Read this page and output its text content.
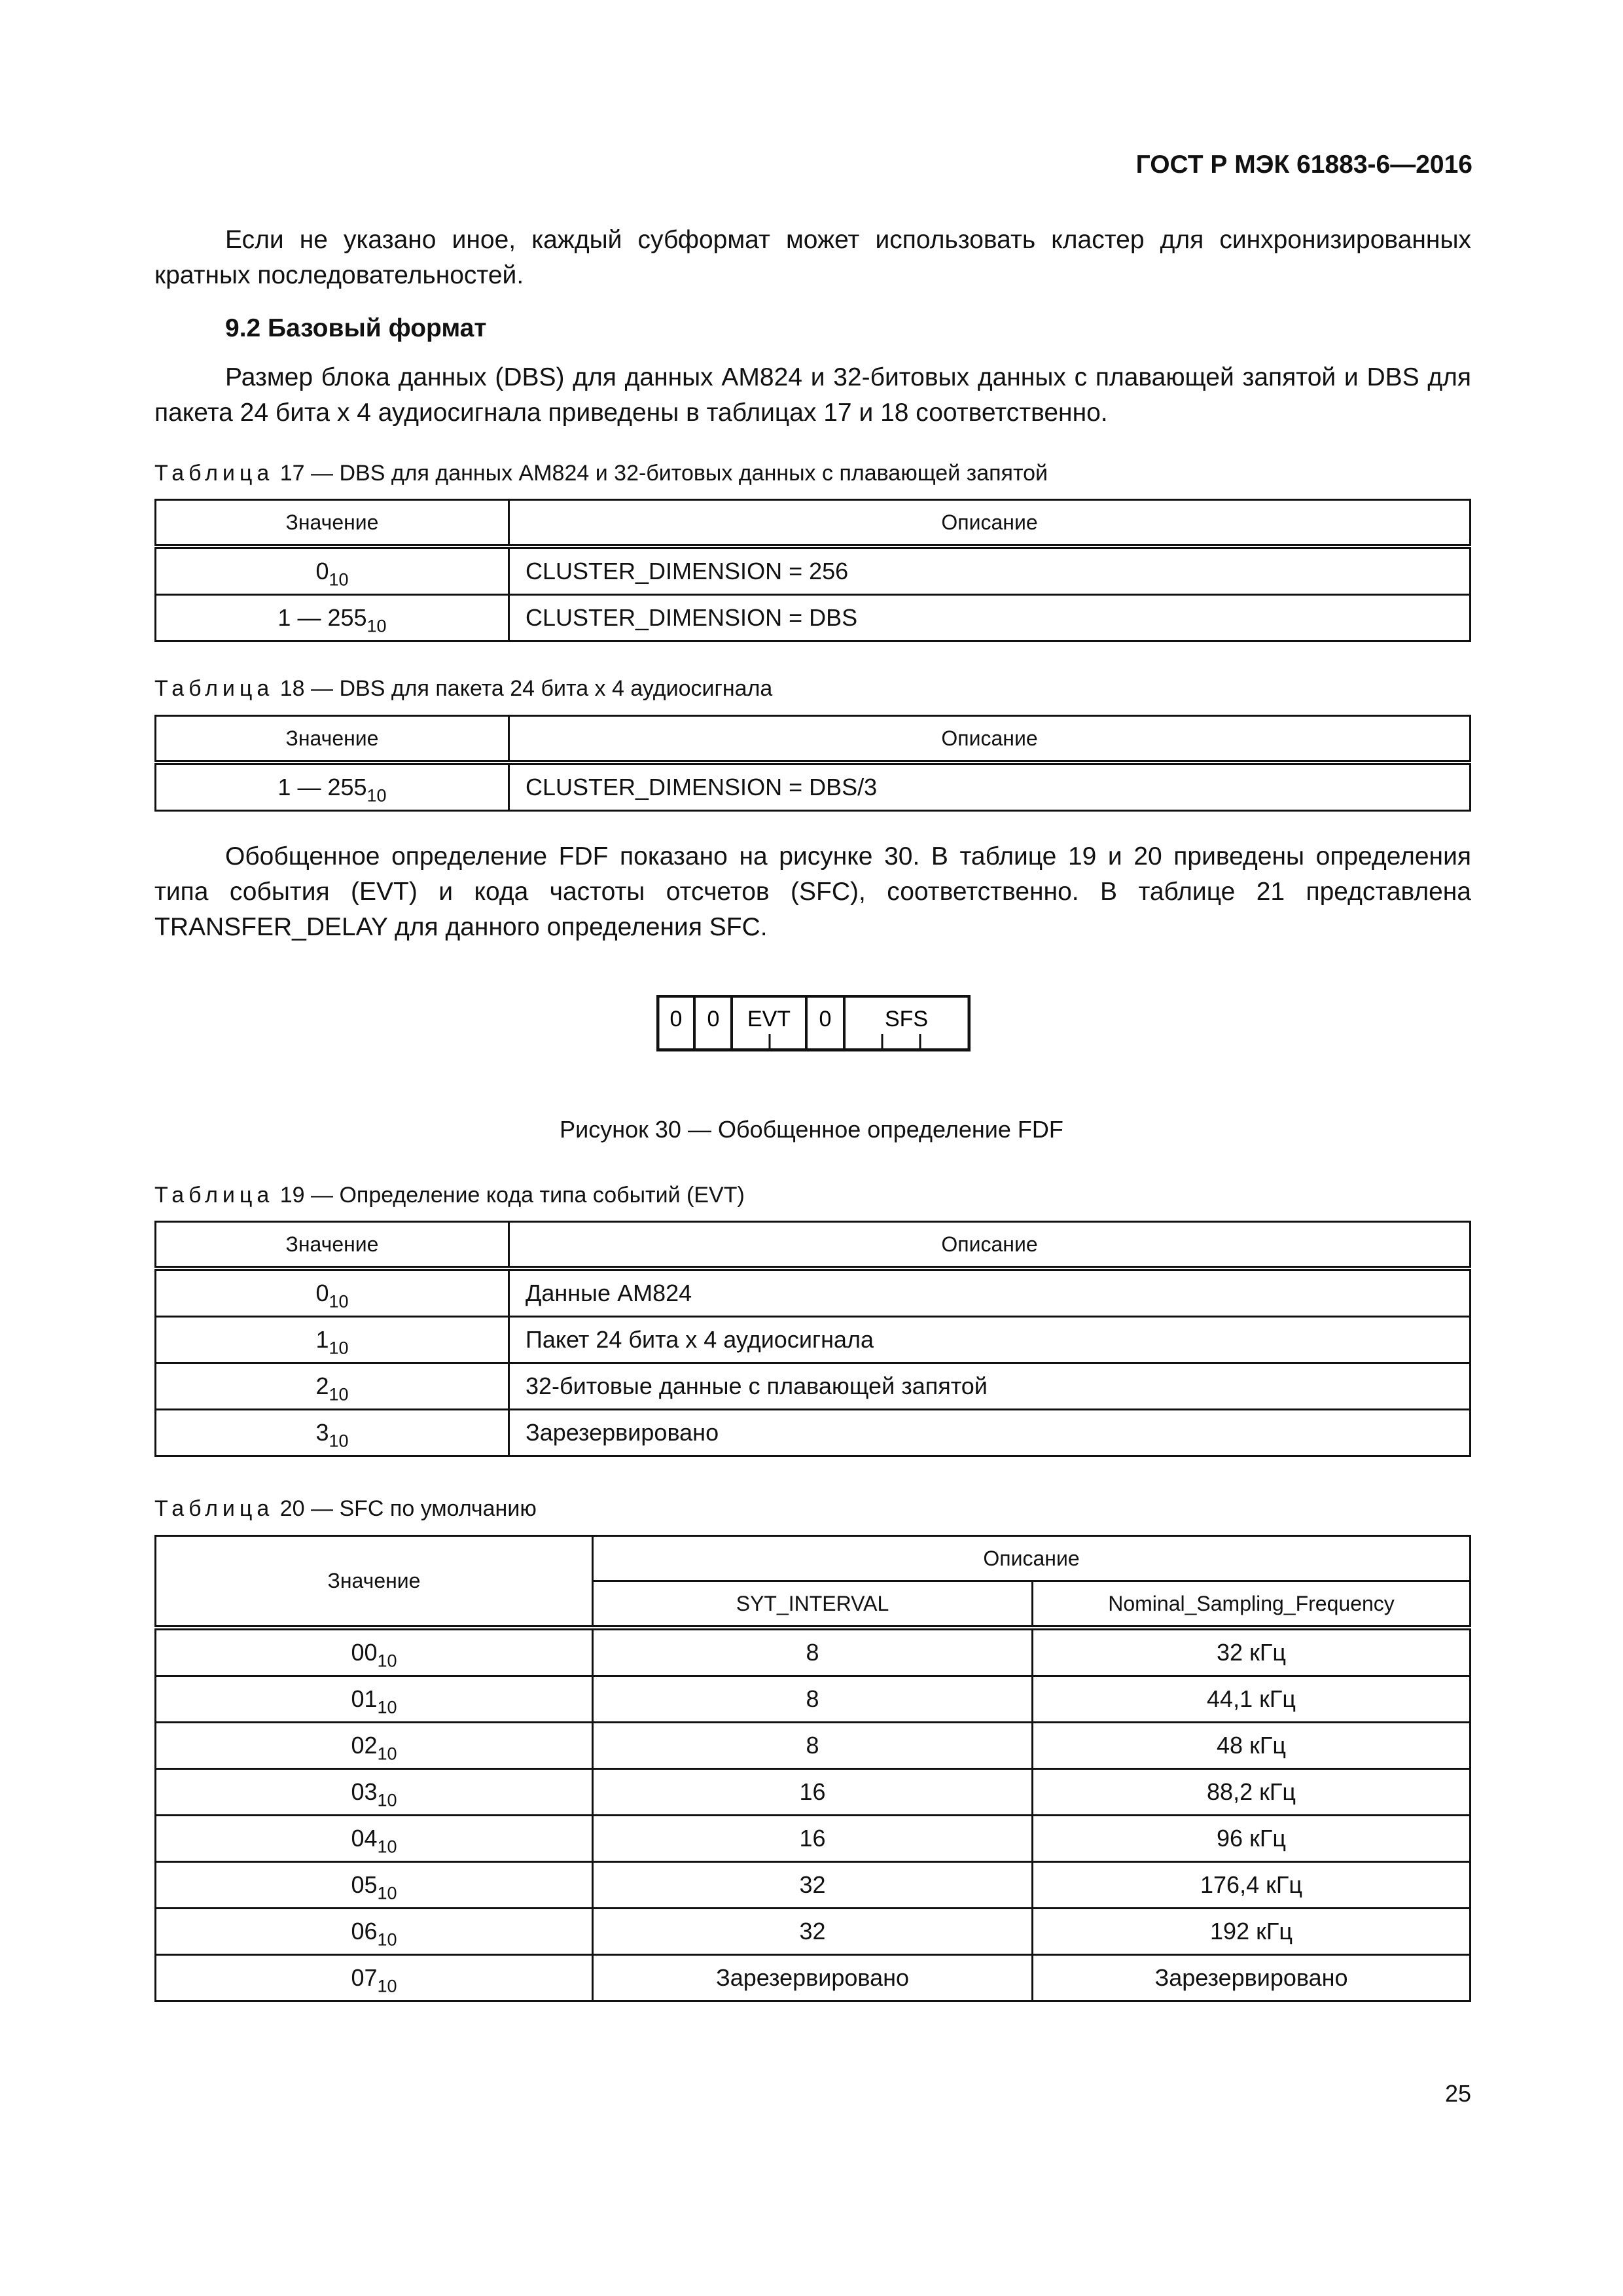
ГОСТ Р МЭК 61883-6—2016

Если не указано иное, каждый субформат может использовать кластер для синхронизированных кратных последовательностей.

9.2 Базовый формат

Размер блока данных (DBS) для данных AM824 и 32-битовых данных с плавающей запятой и DBS для пакета 24 бита x 4 аудиосигнала приведены в таблицах 17 и 18 соответственно.

Таблица 17 — DBS для данных AM824 и 32-битовых данных с плавающей запятой
Значение	Описание
$0_{10}$	CLUSTER_DIMENSION = 256
1 — $255_{10}$	CLUSTER_DIMENSION = DBS
Таблица 18 — DBS для пакета 24 бита x 4 аудиосигнала
Значение	Описание
1 — $255_{10}$	CLUSTER_DIMENSION = DBS/3

Обобщенное определение FDF показано на рисунке 30. В таблице 19 и 20 приведены определения типа события (EVT) и кода частоты отсчетов (SFC), соответственно. В таблице 21 представлена TRANSFER_DELAY для данного определения SFC.

0 0 EVT 0 SFS
Рисунок 30 — Обобщенное определение FDF
Таблица 19 — Определение кода типа событий (EVT)
Значение	Описание
$0_{10}$	Данные AM824
$1_{10}$	Пакет 24 бита x 4 аудиосигнала
$2_{10}$	32-битовые данные с плавающей запятой
$3_{10}$	Зарезервировано
Таблица 20 — SFC по умолчанию
Значение	Описание	
	SYT_INTERVAL	Nominal_Sampling_Frequency
$00_{10}$	8	32 кГц
$01_{10}$	8	44,1 кГц
$02_{10}$	8	48 кГц
$03_{10}$	16	88,2 кГц
$04_{10}$	16	96 кГц
$05_{10}$	32	176,4 кГц
$06_{10}$	32	192 кГц
$07_{10}$	Зарезервировано	Зарезервировано
25
